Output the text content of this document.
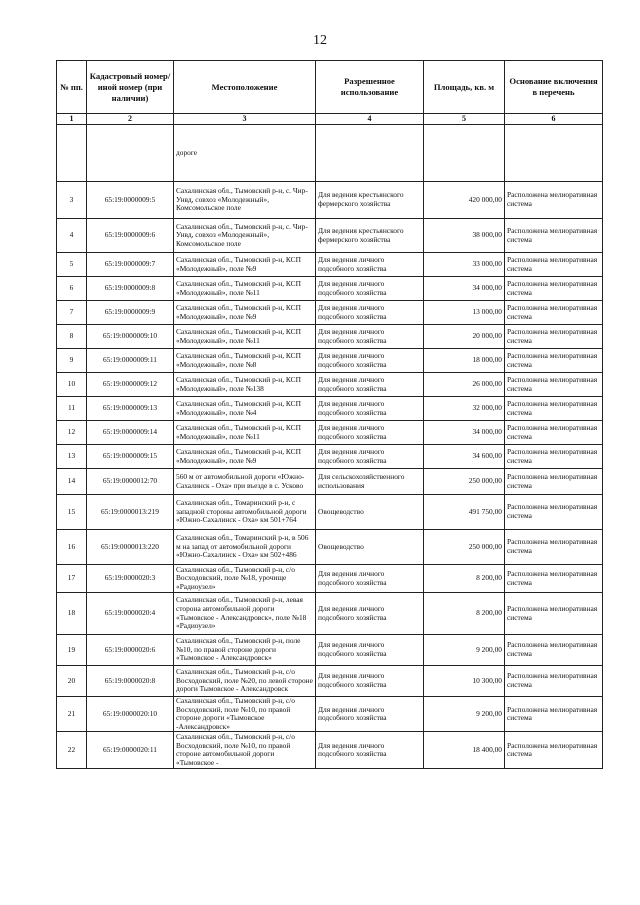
12
№ пп.	Кадастровый номер/иной номер (при наличии)	Местоположение	Разрешенное использование	Площадь, кв. м	Основание включения в перечень
1	2	3	4	5	6
		дороге			
3	65:19:0000009:5	Сахалинская обл., Тымовский р-н, с. Чир-Унвд, совхоз «Молодежный», Комсомольское поле	Для ведения крестьянского фермерского хозяйства	420 000,00	Расположена мелиоративная система
4	65:19:0000009:6	Сахалинская обл., Тымовский р-н, с. Чир-Унвд, совхоз «Молодежный», Комсомольское поле	Для ведения крестьянского фермерского хозяйства	38 000,00	Расположена мелиоративная система
5	65:19:0000009:7	Сахалинская обл., Тымовский р-н, КСП «Молодежный», поле №9	Для ведения личного подсобного хозяйства	33 000,00	Расположена мелиоративная система
6	65:19:0000009:8	Сахалинская обл., Тымовский р-н, КСП «Молодежный», поле №11	Для ведения личного подсобного хозяйства	34 000,00	Расположена мелиоративная система
7	65:19:0000009:9	Сахалинская обл., Тымовский р-н, КСП «Молодежный», поле №9	Для ведения личного подсобного хозяйства	13 000,00	Расположена мелиоративная система
8	65:19:0000009:10	Сахалинская обл., Тымовский р-н, КСП «Молодежный», поле №11	Для ведения личного подсобного хозяйства	20 000,00	Расположена мелиоративная система
9	65:19:0000009:11	Сахалинская обл., Тымовский р-н, КСП «Молодежный», поле №8	Для ведения личного подсобного хозяйства	18 000,00	Расположена мелиоративная система
10	65:19:0000009:12	Сахалинская обл., Тымовский р-н, КСП «Молодежный», поле №138	Для ведения личного подсобного хозяйства	26 000,00	Расположена мелиоративная система
11	65:19:0000009:13	Сахалинская обл., Тымовский р-н, КСП «Молодежный», поле №4	Для ведения личного подсобного хозяйства	32 000,00	Расположена мелиоративная система
12	65:19:0000009:14	Сахалинская обл., Тымовский р-н, КСП «Молодежный», поле №11	Для ведения личного подсобного хозяйства	34 000,00	Расположена мелиоративная система
13	65:19:0000009:15	Сахалинская обл., Тымовский р-н, КСП «Молодежный», поле №9	Для ведения личного подсобного хозяйства	34 600,00	Расположена мелиоративная система
14	65:19:0000012:70	560 м от автомобильной дороги «Южно-Сахалинск - Оха» при въезде в с. Усково	Для сельскохозяйственного использования	250 000,00	Расположена мелиоративная система
15	65:19:0000013:219	Сахалинская обл., Томаринский р-н, с западной стороны автомобильной дороги «Южно-Сахалинск - Оха» км 501+764	Овощеводство	491 750,00	Расположена мелиоративная система
16	65:19:0000013:220	Сахалинская обл., Томаринский р-н, в 506 м на запад от автомобильной дороги «Южно-Сахалинск - Оха» км 502+486	Овощеводство	250 000,00	Расположена мелиоративная система
17	65:19:0000020:3	Сахалинская обл., Тымовский р-н, с/о Восходовский, поле №18, урочище «Радиоузел»	Для ведения личного подсобного хозяйства	8 200,00	Расположена мелиоративная система
18	65:19:0000020:4	Сахалинская обл., Тымовский р-н, левая сторона автомобильной дороги «Тымовское - Александровск», поле №18 «Радиоузел»	Для ведения личного подсобного хозяйства	8 200,00	Расположена мелиоративная система
19	65:19:0000020:6	Сахалинская обл., Тымовский р-н, поле №10, по правой стороне дороги «Тымовское - Александровск»	Для ведения личного подсобного хозяйства	9 200,00	Расположена мелиоративная система
20	65:19:0000020:8	Сахалинская обл., Тымовский р-н, с/о Восходовский, поле №20, по левой стороне дороги Тымовское - Александровск	Для ведения личного подсобного хозяйства	10 300,00	Расположена мелиоративная система
21	65:19:0000020:10	Сахалинская обл., Тымовский р-н, с/о Восходовский, поле №10, по правой стороне дороги «Тымовское -Александровск»	Для ведения личного подсобного хозяйства	9 200,00	Расположена мелиоративная система
22	65:19:0000020:11	Сахалинская обл., Тымовский р-н, с/о Восходовский, поле №10, по правой стороне автомобильной дороги «Тымовское -	Для ведения личного подсобного хозяйства	18 400,00	Расположена мелиоративная система
